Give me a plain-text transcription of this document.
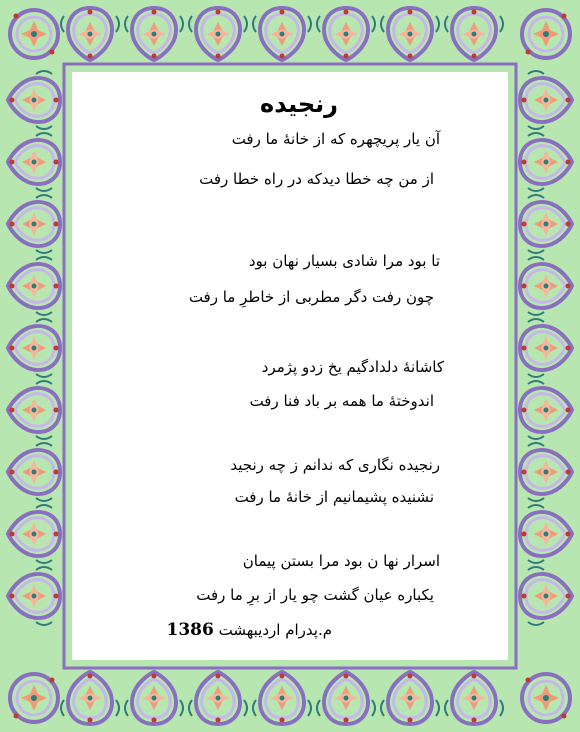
رنجیده
آن یار پریچهره که از خانۀ ما رفت
از من چه خطا دیدکه در راه خطا رفت
تا بود مرا شادی بسیار نهان بود
چون رفت دگر مطربی از خاطرِ ما رفت
کاشانۀ دلدادگیم یخ زدو پژمرد
اندوختۀ ما همه بر باد فنا رفت
رنجیده نگاری که ندانم ز چه رنجید
نشنیده پشیمانیم از خانۀ ما رفت
اسرار نها ن بود مرا بستن پیمان
یکباره عیان گشت چو یار از برِ ما رفت
م.پدرام اردیبهشت 1386
